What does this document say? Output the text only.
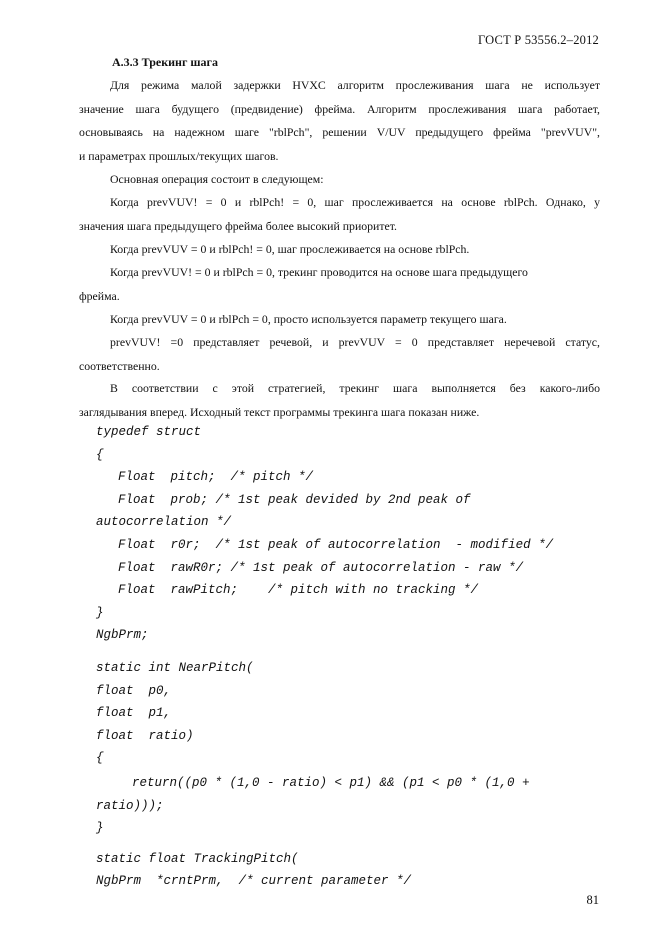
ГОСТ Р 53556.2–2012
А.3.3 Трекинг шага
Для режима малой задержки HVXC алгоритм прослеживания шага не использует
значение шага будущего (предвидение) фрейма. Алгоритм прослеживания шага работает,
основываясь на надежном шаге "rblPch", решении V/UV предыдущего фрейма "prevVUV",
и параметрах прошлых/текущих шагов.
Основная операция состоит в следующем:
Когда prevVUV! = 0 и rblPch! = 0, шаг прослеживается на основе rblPch. Однако, у
значения шага предыдущего фрейма более высокий приоритет.
Когда prevVUV = 0 и rblPch! = 0, шаг прослеживается на основе rblPch.
Когда prevVUV! = 0 и rblPch = 0, трекинг проводится на основе шага предыдущего
фрейма.
Когда prevVUV = 0 и rblPch = 0, просто используется параметр текущего шага.
prevVUV! =0 представляет речевой, и prevVUV = 0 представляет неречевой статус,
соответственно.
В соответствии с этой стратегией, трекинг шага выполняется без какого-либо
заглядывания вперед. Исходный текст программы трекинга шага показан ниже.
typedef struct
{
Float  pitch;  /* pitch */
Float  prob; /* 1st peak devided by 2nd peak of
autocorrelation */
Float  r0r;  /* 1st peak of autocorrelation  - modified */
Float  rawR0r; /* 1st peak of autocorrelation - raw */
Float  rawPitch;    /* pitch with no tracking */
}
NgbPrm;
static int NearPitch(
float  p0,
float  p1,
float  ratio)
{
return((p0 * (1,0 - ratio) < p1) && (p1 < p0 * (1,0 +
ratio)));
}
static float TrackingPitch(
NgbPrm  *crntPrm,  /* current parameter */
81
